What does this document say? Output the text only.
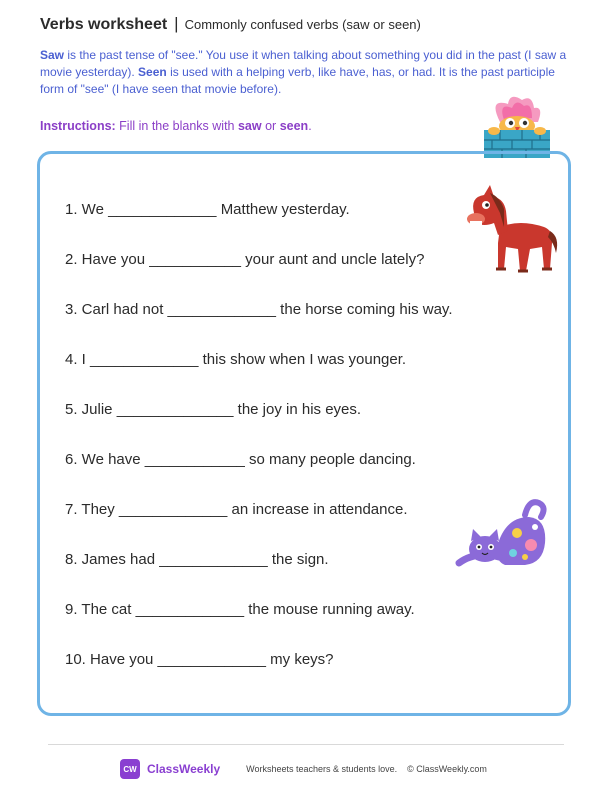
Verbs worksheet | Commonly confused verbs (saw or seen)
Saw is the past tense of "see." You use it when talking about something you did in the past (I saw a movie yesterday). Seen is used with a helping verb, like have, has, or had. It is the past participle form of "see" (I have seen that movie before).
Instructions: Fill in the blanks with saw or seen.
1. We _____________ Matthew yesterday.
2. Have you ___________ your aunt and uncle lately?
3. Carl had not _____________ the horse coming his way.
4. I _____________ this show when I was younger.
5. Julie ______________ the joy in his eyes.
6. We have ____________ so many people dancing.
7. They _____________ an increase in attendance.
8. James had _____________ the sign.
9. The cat _____________ the mouse running away.
10. Have you _____________ my keys?
CW ClassWeekly	Worksheets teachers & students love. © ClassWeekly.com
